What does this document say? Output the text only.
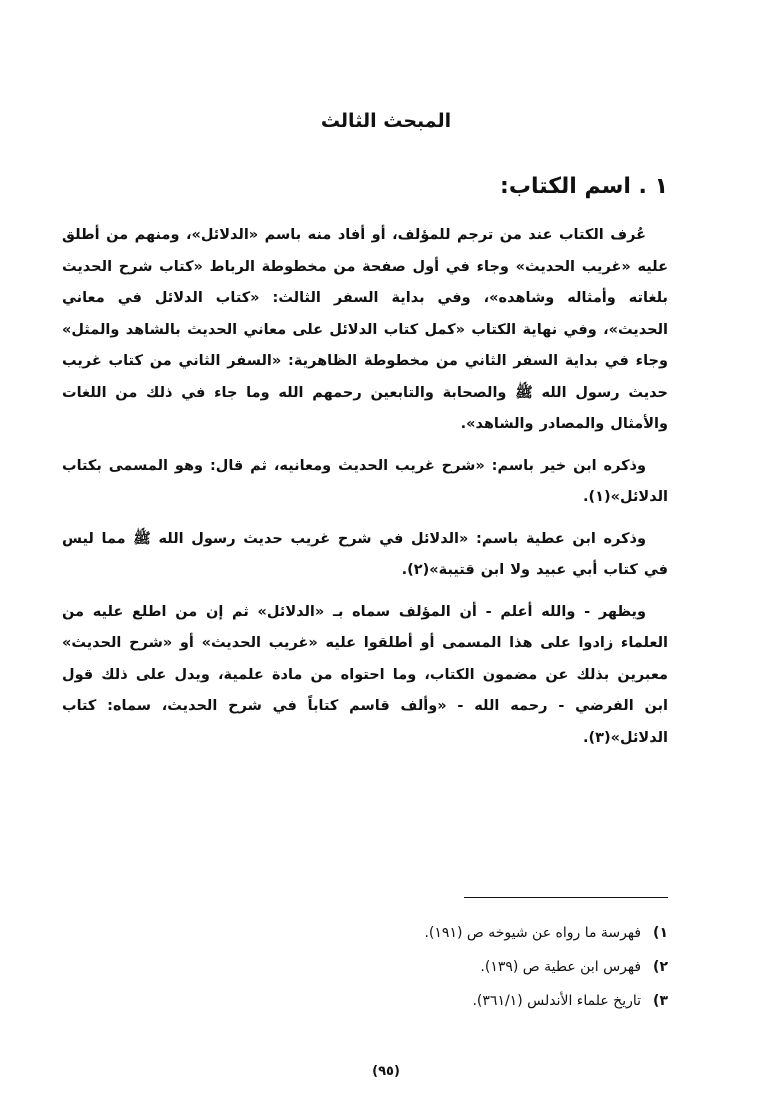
المبحث الثالث
١ . اسم الكتاب:

عُرف الكتاب عند من ترجم للمؤلف، أو أفاد منه باسم «الدلائل»، ومنهم من أطلق عليه «غريب الحديث» وجاء في أول صفحة من مخطوطة الرباط «كتاب شرح الحديث بلغاته وأمثاله وشاهده»، وفي بداية السفر الثالث: «كتاب الدلائل في معاني الحديث»، وفي نهاية الكتاب «كمل كتاب الدلائل على معاني الحديث بالشاهد والمثل» وجاء في بداية السفر الثاني من مخطوطة الظاهرية: «السفر الثاني من كتاب غريب حديث رسول الله ﷺ والصحابة والتابعين رحمهم الله وما جاء في ذلك من اللغات والأمثال والمصادر والشاهد».

وذكره ابن خير باسم: «شرح غريب الحديث ومعانيه، ثم قال: وهو المسمى بكتاب الدلائل»(١).

وذكره ابن عطية باسم: «الدلائل في شرح غريب حديث رسول الله ﷺ مما ليس في كتاب أبي عبيد ولا ابن قتيبة»(٢).

ويظهر - والله أعلم - أن المؤلف سماه بـ «الدلائل» ثم إن من اطلع عليه من العلماء زادوا على هذا المسمى أو أطلقوا عليه «غريب الحديث» أو «شرح الحديث» معبرين بذلك عن مضمون الكتاب، وما احتواه من مادة علمية، ويدل على ذلك قول ابن الفرضي - رحمه الله - «وألف قاسم كتاباً في شرح الحديث، سماه: كتاب الدلائل»(٣).

١)فهرسة ما رواه عن شيوخه ص (١٩١).
٢)فهرس ابن عطية ص (١٣٩).
٣)تاريخ علماء الأندلس (٣٦١/١).
(٩٥)
